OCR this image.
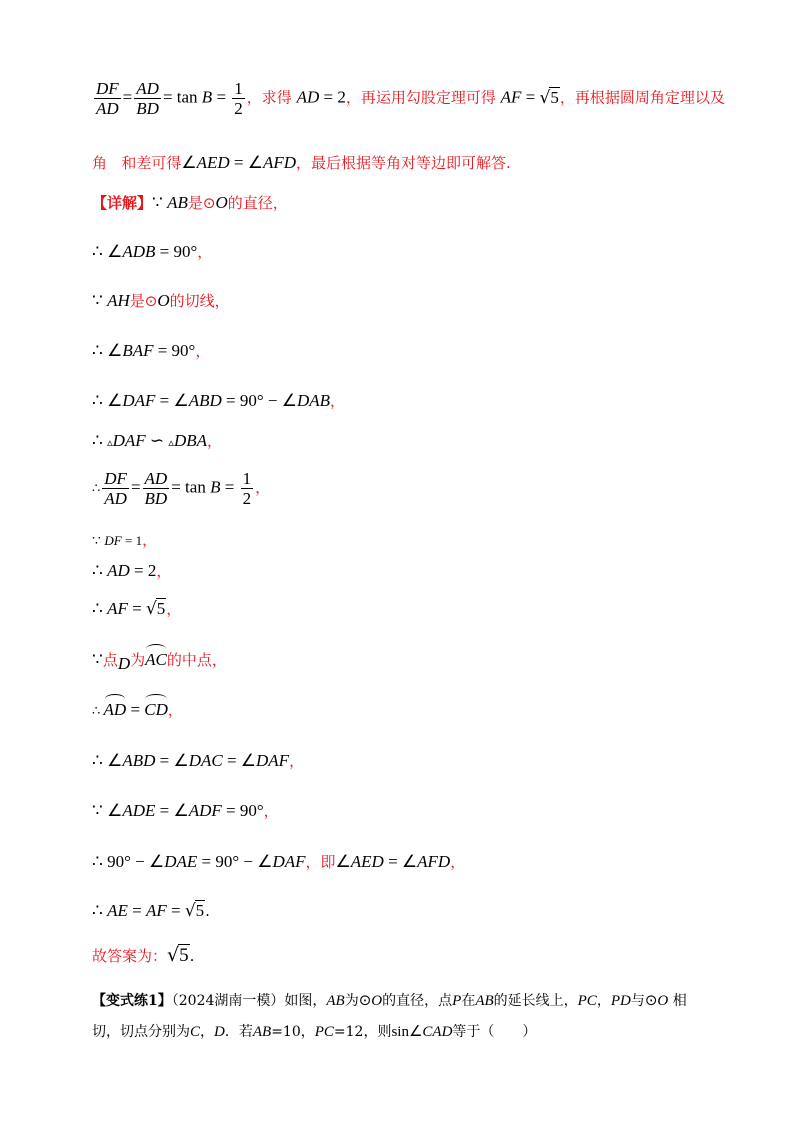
$\frac{DF}{AD} = \frac{AD}{BD} = \tan B = \frac{1}{2}$ ，求得 AD = 2，再运用勾股定理可得 AF = √5，再根据圆周角定理以及
角 和差可得∠AED = ∠AFD，最后根据等角对等边即可解答.
【详解】∵ AB是⊙O的直径，
∴ ∠ADB = 90°，
∵ AH是⊙O的切线，
∴ ∠BAF = 90°，
∴ ∠DAF = ∠ABD = 90° − ∠DAB，
∴ ▵DAF ∽ ▵DBA，
∴ $\frac{DF}{AD} = \frac{AD}{BD} = \tan B = \frac{1}{2}$ ，
∵ DF = 1，
∴ AD = 2，
∴ AF = √5，
∵点D为AC的中点，
∴ AD = CD，
∴ ∠ABD = ∠DAC = ∠DAF，
∵ ∠ADE = ∠ADF = 90°，
∴ 90° − ∠DAE = 90° − ∠DAF，即∠AED = ∠AFD，
∴ AE = AF = √5.
故答案为：√5.
【变式练1】（2024湖南一模）如图，AB为⊙O的直径，点P在AB的延长线上，PC，PD与⊙O 相
切，切点分别为C，D．若AB=10，PC=12，则sin∠CAD等于（　　）
